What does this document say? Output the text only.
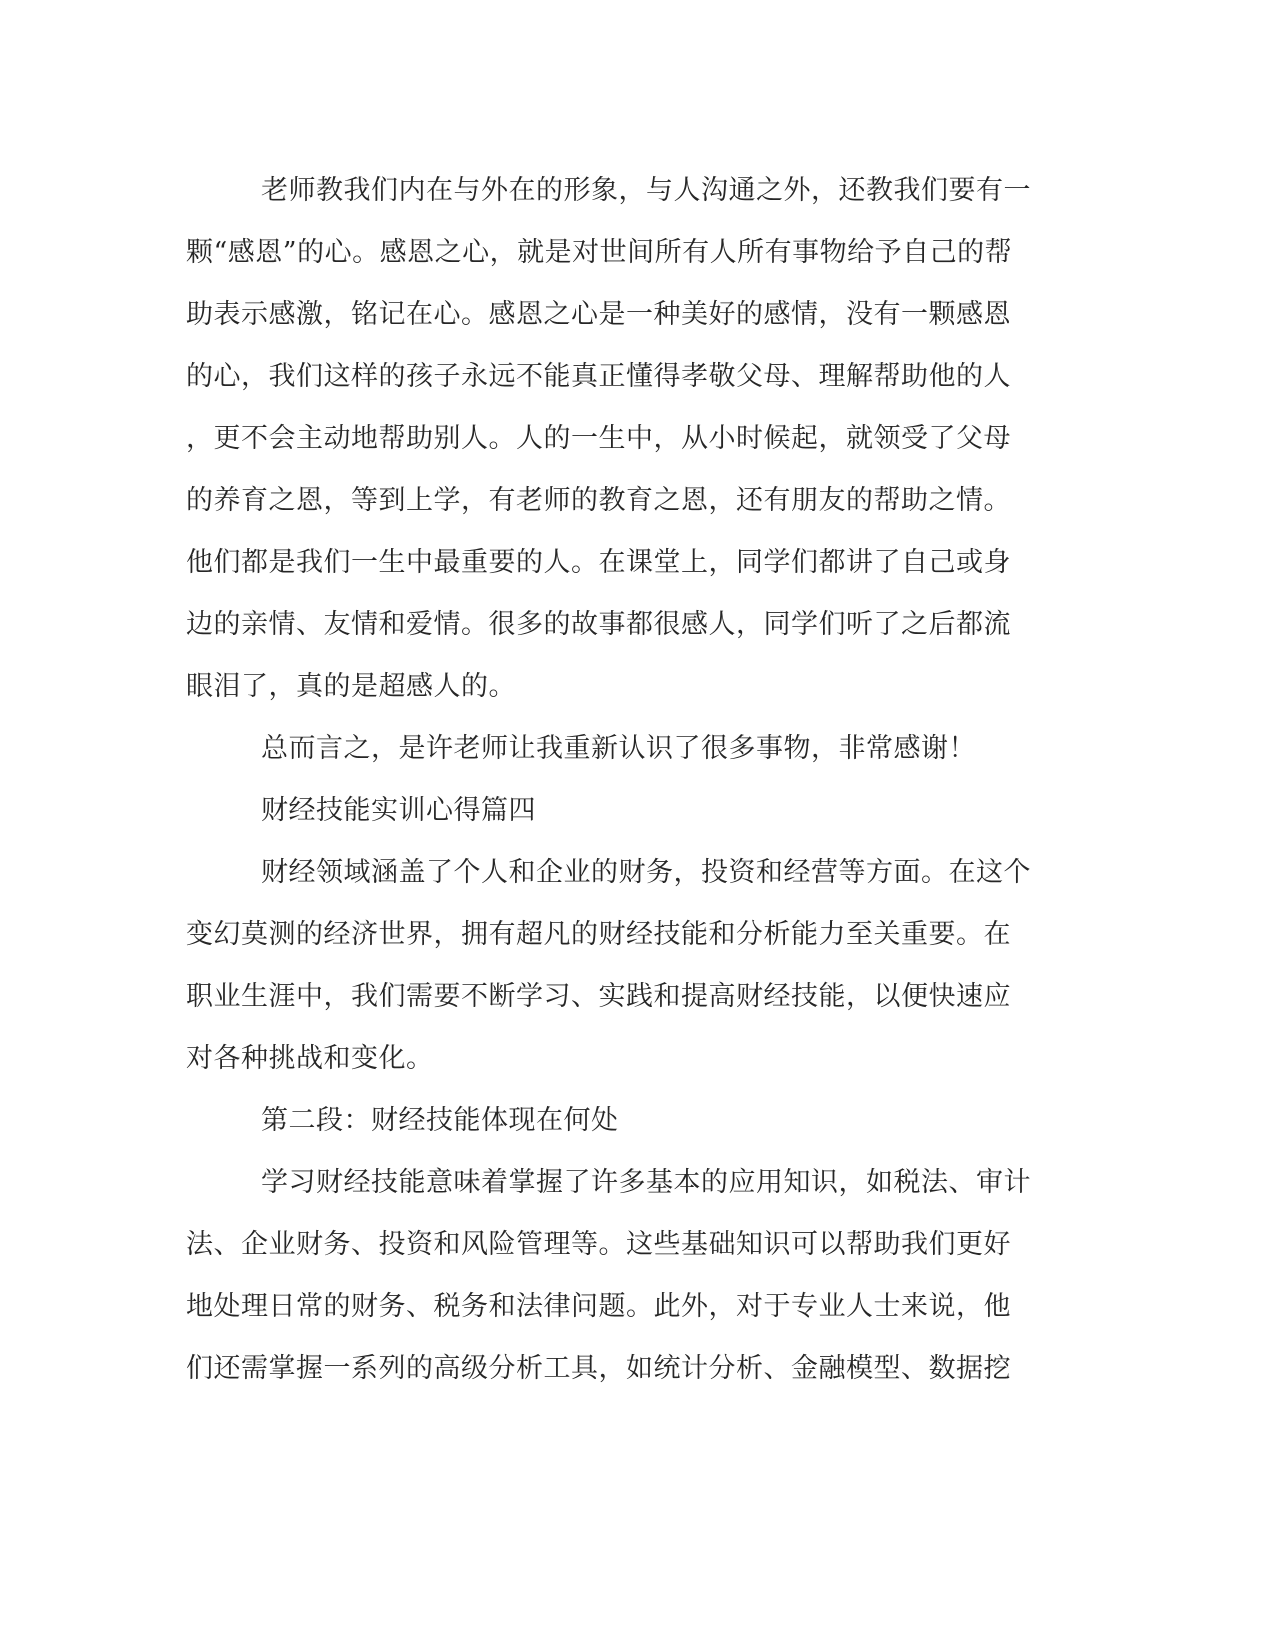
老师教我们内在与外在的形象，与人沟通之外，还教我们要有一
颗“感恩”的心。感恩之心，就是对世间所有人所有事物给予自己的帮
助表示感激，铭记在心。感恩之心是一种美好的感情，没有一颗感恩
的心，我们这样的孩子永远不能真正懂得孝敬父母、理解帮助他的人
，更不会主动地帮助别人。人的一生中，从小时候起，就领受了父母
的养育之恩，等到上学，有老师的教育之恩，还有朋友的帮助之情。
他们都是我们一生中最重要的人。在课堂上，同学们都讲了自己或身
边的亲情、友情和爱情。很多的故事都很感人，同学们听了之后都流
眼泪了，真的是超感人的。
总而言之，是许老师让我重新认识了很多事物，非常感谢！
财经技能实训心得篇四
财经领域涵盖了个人和企业的财务，投资和经营等方面。在这个
变幻莫测的经济世界，拥有超凡的财经技能和分析能力至关重要。在
职业生涯中，我们需要不断学习、实践和提高财经技能，以便快速应
对各种挑战和变化。
第二段：财经技能体现在何处
学习财经技能意味着掌握了许多基本的应用知识，如税法、审计
法、企业财务、投资和风险管理等。这些基础知识可以帮助我们更好
地处理日常的财务、税务和法律问题。此外，对于专业人士来说，他
们还需掌握一系列的高级分析工具，如统计分析、金融模型、数据挖
